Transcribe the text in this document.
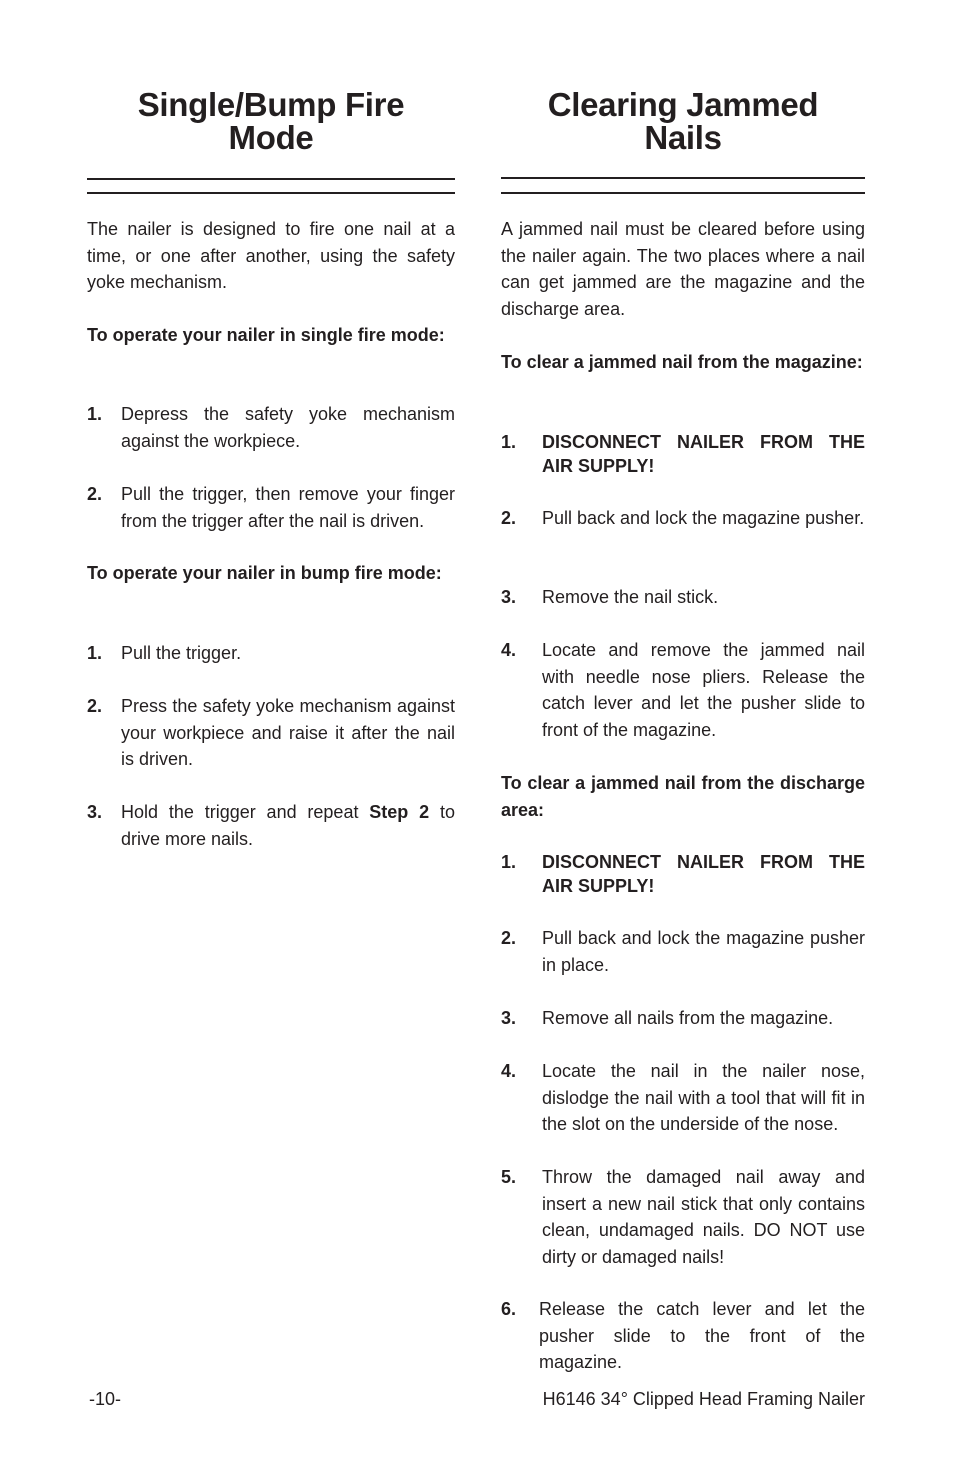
Single/Bump Fire
Mode

The nailer is designed to fire one nail at a time, or one after another, using the safety yoke mechanism.

To operate your nailer in single fire mode:

1. Depress the safety yoke mechanism against the workpiece.
2. Pull the trigger, then remove your finger from the trigger after the nail is driven.

To operate your nailer in bump fire mode:

1. Pull the trigger.
2. Press the safety yoke mechanism against your workpiece and raise it after the nail is driven.
3. Hold the trigger and repeat Step 2 to drive more nails.
-10-
Clearing Jammed
Nails

A jammed nail must be cleared before using the nailer again. The two places where a nail can get jammed are the magazine and the discharge area.

To clear a jammed nail from the magazine:

1. DISCONNECT NAILER FROM THE AIR SUPPLY!
2. Pull back and lock the magazine pusher.
3. Remove the nail stick.
4. Locate and remove the jammed nail with needle nose pliers. Release the catch lever and let the pusher slide to front of the magazine.

To clear a jammed nail from the discharge area:

1. DISCONNECT NAILER FROM THE AIR SUPPLY!
2. Pull back and lock the magazine pusher in place.
3. Remove all nails from the magazine.
4. Locate the nail in the nailer nose, dislodge the nail with a tool that will fit in the slot on the underside of the nose.
5. Throw the damaged nail away and insert a new nail stick that only contains clean, undamaged nails. DO NOT use dirty or damaged nails!
6. Release the catch lever and let the pusher slide to the front of the magazine.
H6146 34° Clipped Head Framing Nailer
